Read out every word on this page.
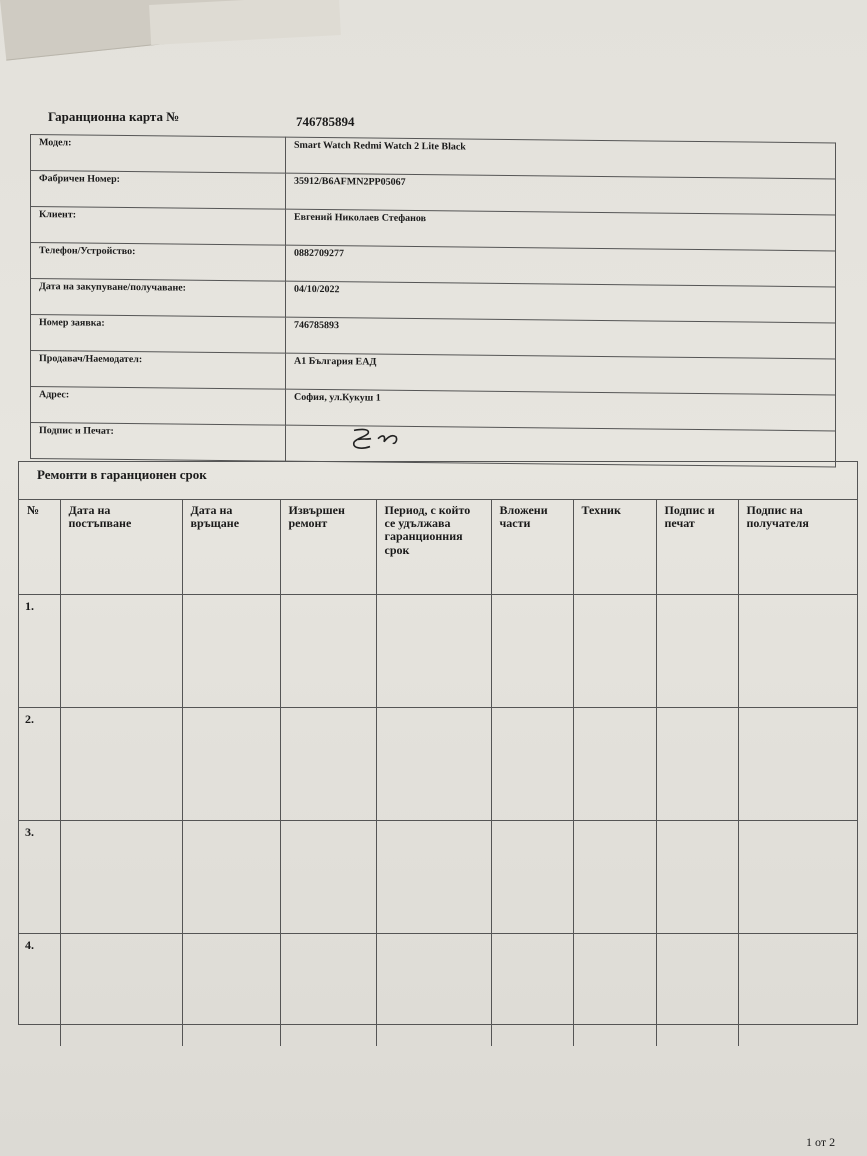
Гаранционна карта №	746785894
Модел:	Smart Watch Redmi Watch 2 Lite Black
Фабричен Номер:	35912/B6AFMN2PP05067
Клиент:	Евгений Николаев Стефанов
Телефон/Устройство:	0882709277
Дата на закупуване/получаване:	04/10/2022
Номер заявка:	746785893
Продавач/Наемодател:	А1 България ЕАД
Адрес:	София, ул.Кукуш 1
Подпис и Печат:	
Ремонти в гаранционен срок
№	Дата на постъпване	Дата на връщане	Извършен ремонт	Период, с който се удължава гаранционния срок	Вложени части	Техник	Подпис и печат	Подпис на получателя
1.								
2.								
3.								
4.								
1 от 2
